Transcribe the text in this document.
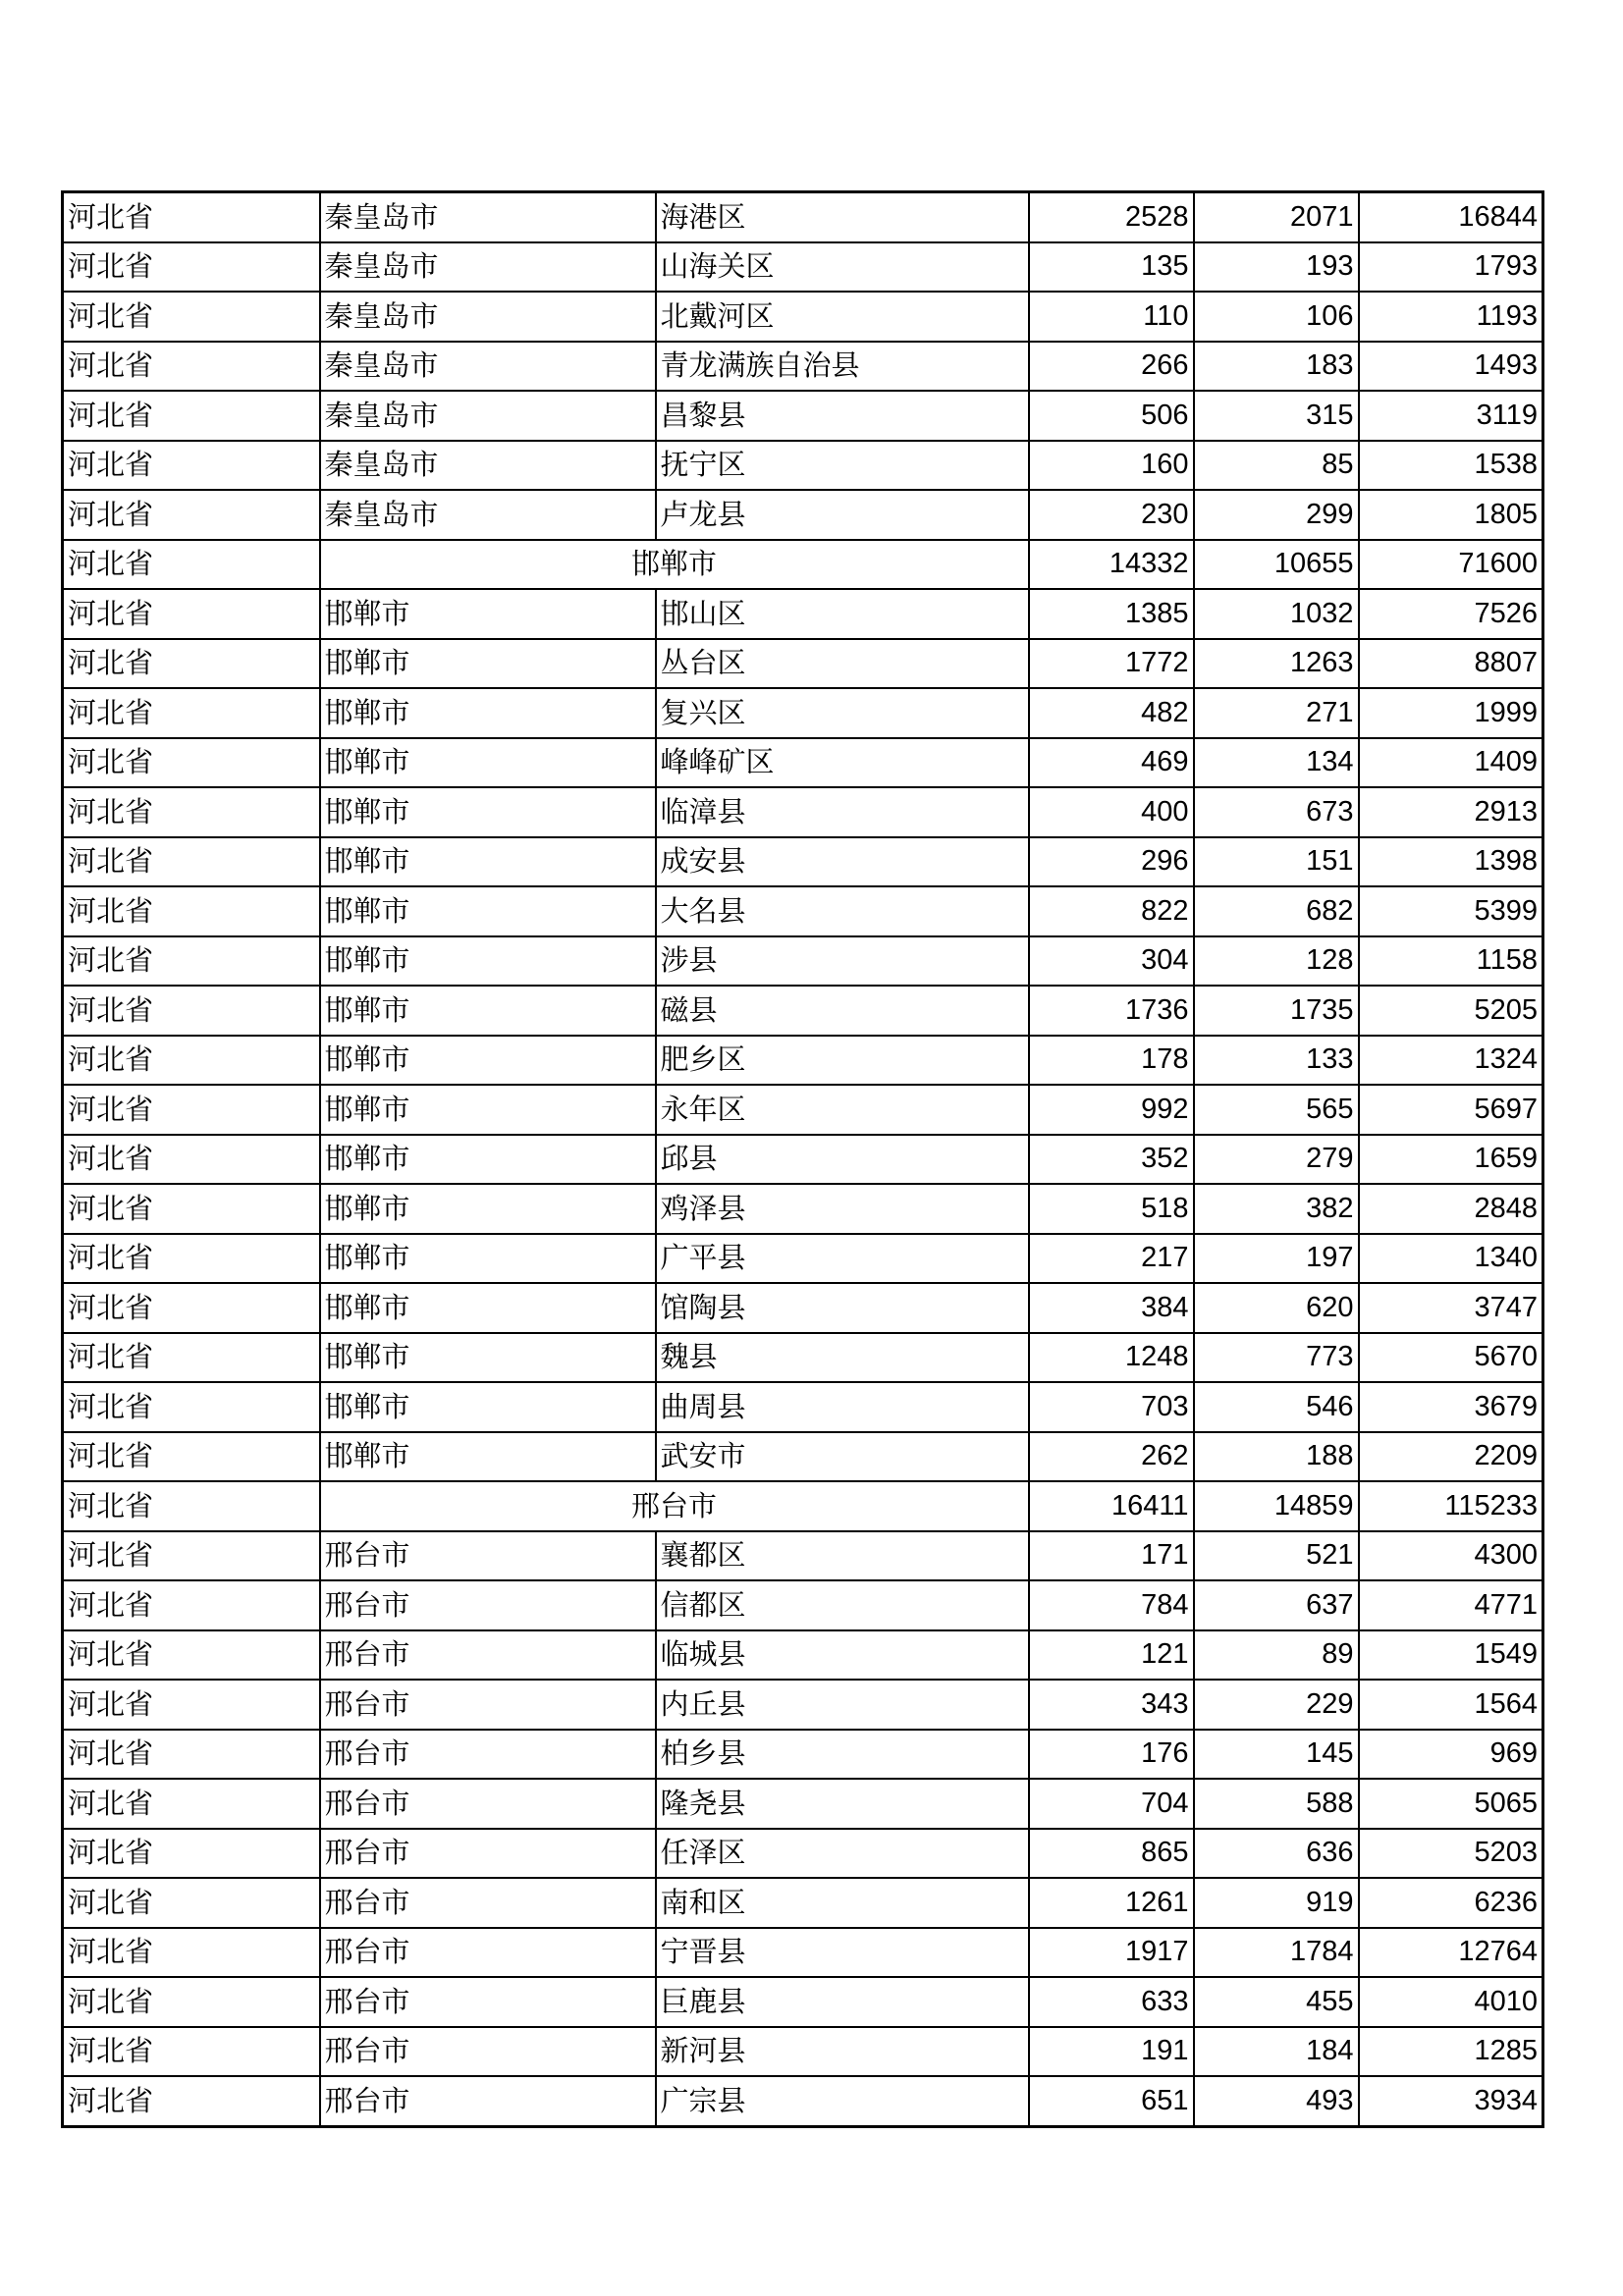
河北省	秦皇岛市	海港区	2528	2071	16844
河北省	秦皇岛市	山海关区	135	193	1793
河北省	秦皇岛市	北戴河区	110	106	1193
河北省	秦皇岛市	青龙满族自治县	266	183	1493
河北省	秦皇岛市	昌黎县	506	315	3119
河北省	秦皇岛市	抚宁区	160	85	1538
河北省	秦皇岛市	卢龙县	230	299	1805
河北省	邯郸市		14332	10655	71600
河北省	邯郸市	邯山区	1385	1032	7526
河北省	邯郸市	丛台区	1772	1263	8807
河北省	邯郸市	复兴区	482	271	1999
河北省	邯郸市	峰峰矿区	469	134	1409
河北省	邯郸市	临漳县	400	673	2913
河北省	邯郸市	成安县	296	151	1398
河北省	邯郸市	大名县	822	682	5399
河北省	邯郸市	涉县	304	128	1158
河北省	邯郸市	磁县	1736	1735	5205
河北省	邯郸市	肥乡区	178	133	1324
河北省	邯郸市	永年区	992	565	5697
河北省	邯郸市	邱县	352	279	1659
河北省	邯郸市	鸡泽县	518	382	2848
河北省	邯郸市	广平县	217	197	1340
河北省	邯郸市	馆陶县	384	620	3747
河北省	邯郸市	魏县	1248	773	5670
河北省	邯郸市	曲周县	703	546	3679
河北省	邯郸市	武安市	262	188	2209
河北省	邢台市		16411	14859	115233
河北省	邢台市	襄都区	171	521	4300
河北省	邢台市	信都区	784	637	4771
河北省	邢台市	临城县	121	89	1549
河北省	邢台市	内丘县	343	229	1564
河北省	邢台市	柏乡县	176	145	969
河北省	邢台市	隆尧县	704	588	5065
河北省	邢台市	任泽区	865	636	5203
河北省	邢台市	南和区	1261	919	6236
河北省	邢台市	宁晋县	1917	1784	12764
河北省	邢台市	巨鹿县	633	455	4010
河北省	邢台市	新河县	191	184	1285
河北省	邢台市	广宗县	651	493	3934
